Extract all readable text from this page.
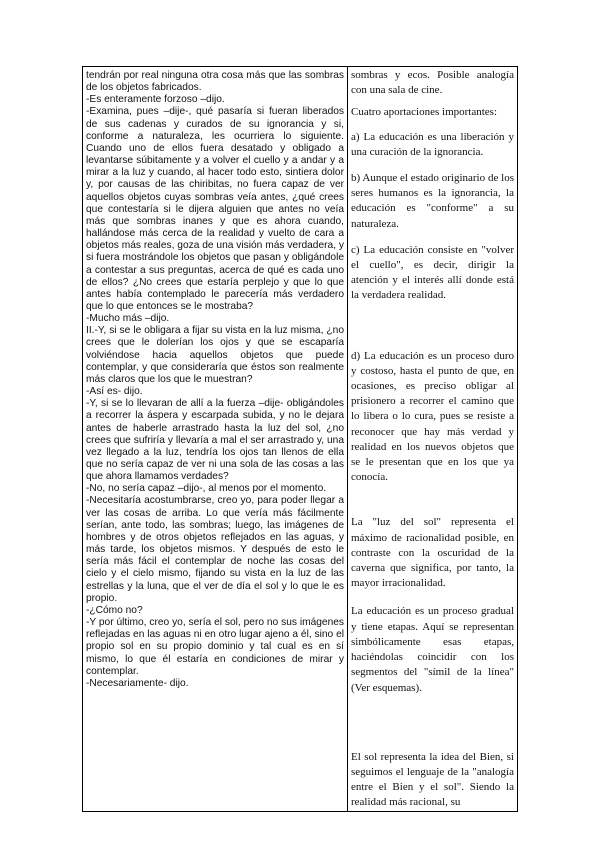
tendrán por real ninguna otra cosa más que las sombras de los objetos fabricados.

-Es enteramente forzoso –dijo.

-Examina, pues –dije-, qué pasaría si fueran liberados de sus cadenas y curados de su ignorancia y si, conforme a naturaleza, les ocurriera lo siguiente. Cuando uno de ellos fuera desatado y obligado a levantarse súbitamente y a volver el cuello y a andar y a mirar a la luz y cuando, al hacer todo esto, sintiera dolor y, por causas de las chiribitas, no fuera capaz de ver aquellos objetos cuyas sombras veía antes, ¿qué crees que contestaría si le dijera alguien que antes no veía más que sombras inanes y que es ahora cuando, hallándose más cerca de la realidad y vuelto de cara a objetos más reales, goza de una visión más verdadera, y si fuera mostrándole los objetos que pasan y obligándole a contestar a sus preguntas, acerca de qué es cada uno de ellos? ¿No crees que estaría perplejo y que lo que antes había contemplado le parecería más verdadero que lo que entonces se le mostraba?

-Mucho más –dijo.

II.-Y, si se le obligara a fijar su vista en la luz misma, ¿no crees que le dolerían los ojos y que se escaparía volviéndose hacia aquellos objetos que puede contemplar, y que consideraría que éstos son realmente más claros que los que le muestran?

-Así es- dijo.

-Y, si se lo llevaran de allí a la fuerza –dije- obligándoles a recorrer la áspera y escarpada subida, y no le dejara antes de haberle arrastrado hasta la luz del sol, ¿no crees que sufriría y llevaría a mal el ser arrastrado y, una vez llegado a la luz, tendría los ojos tan llenos de ella que no sería capaz de ver ni una sola de las cosas a las que ahora llamamos verdades?

-No, no sería capaz –dijo-, al menos por el momento.

-Necesitaría acostumbrarse, creo yo, para poder llegar a ver las cosas de arriba. Lo que vería más fácilmente serían, ante todo, las sombras; luego, las imágenes de hombres y de otros objetos reflejados en las aguas, y más tarde, los objetos mismos. Y después de esto le sería más fácil el contemplar de noche las cosas del cielo y el cielo mismo, fijando su vista en la luz de las estrellas y la luna, que el ver de día el sol y lo que le es propio.

-¿Cómo no?

-Y por último, creo yo, sería el sol, pero no sus imágenes reflejadas en las aguas ni en otro lugar ajeno a él, sino el propio sol en su propio dominio y tal cual es en sí mismo, lo que él estaría en condiciones de mirar y contemplar.

-Necesariamente- dijo.

sombras y ecos. Posible analogía con una sala de cine.

Cuatro aportaciones importantes:

a) La educación es una liberación y una curación de la ignorancia.

b) Aunque el estado originario de los seres humanos es la ignorancia, la educación es "conforme" a su naturaleza.

c) La educación consiste en "volver el cuello", es decir, dirigir la atención y el interés allí donde está la verdadera realidad.

d) La educación es un proceso duro y costoso, hasta el punto de que, en ocasiones, es preciso obligar al prisionero a recorrer el camino que lo libera o lo cura, pues se resiste a reconocer que hay más verdad y realidad en los nuevos objetos que se le presentan que en los que ya conocía.

La "luz del sol" representa el máximo de racionalidad posible, en contraste con la oscuridad de la caverna que significa, por tanto, la mayor irracionalidad.

La educación es un proceso gradual y tiene etapas. Aquí se representan simbólicamente esas etapas, haciéndolas coincidir con los segmentos del "símil de la línea" (Ver esquemas).

El sol representa la idea del Bien, si seguimos el lenguaje de la "analogía entre el Bien y el sol". Siendo la realidad más racional, su
